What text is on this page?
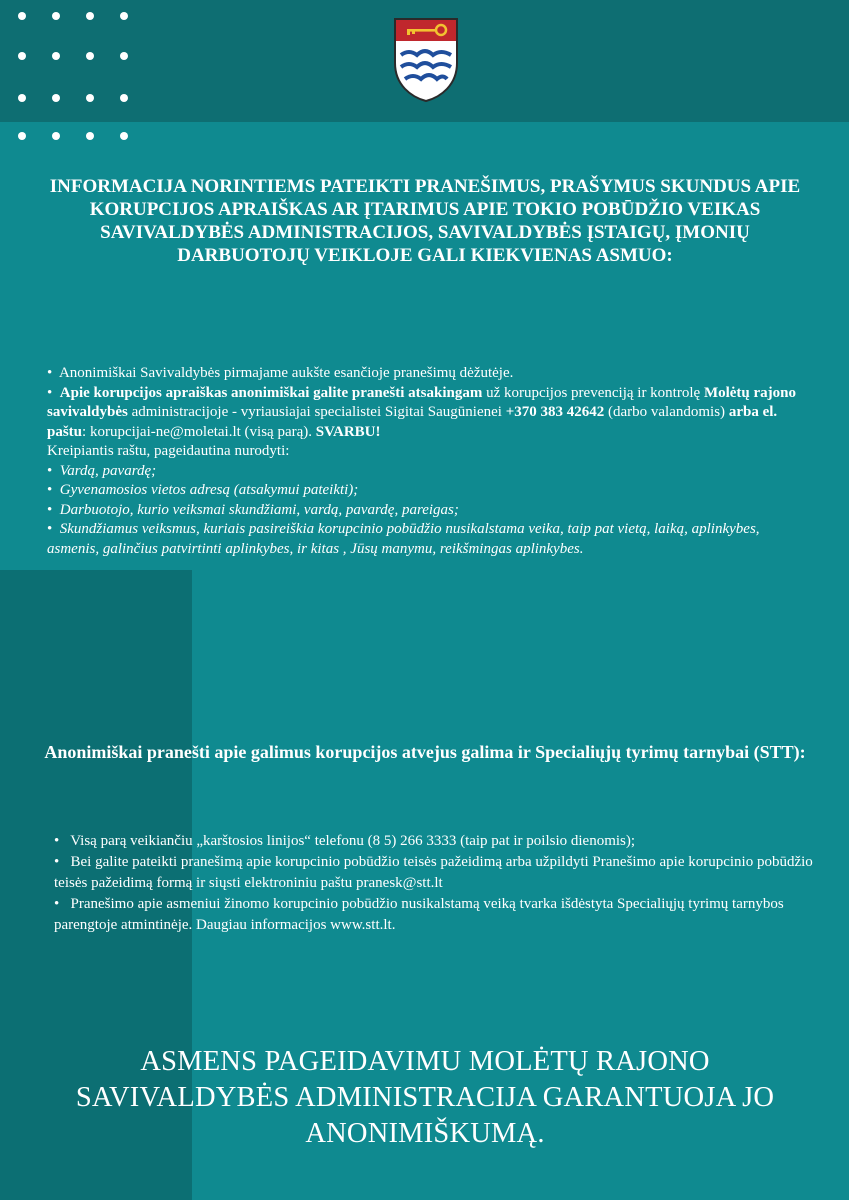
INFORMACIJA NORINTIEMS PATEIKTI PRANEŠIMUS, PRAŠYMUS SKUNDUS APIE KORUPCIJOS APRAIŠKAS AR ĮTARIMUS APIE TOKIO POBŪDŽIO VEIKAS SAVIVALDYBĖS ADMINISTRACIJOS, SAVIVALDYBĖS ĮSTAIGŲ, ĮMONIŲ DARBUOTOJŲ VEIKLOJE GALI KIEKVIENAS ASMUO:

•  Anonimiškai Savivaldybės pirmajame aukšte esančioje pranešimų dėžutėje.

•  Apie korupcijos apraiškas anonimiškai galite pranešti atsakingam už korupcijos prevenciją ir kontrolę Molėtų rajono savivaldybės administracijoje - vyriausiajai specialistei Sigitai Saugūnienei +370 383 42642 (darbo valandomis) arba el. paštu: korupcijai-ne@moletai.lt (visą parą). SVARBU!

Kreipiantis raštu, pageidautina nurodyti:

•  Vardą, pavardę;

•  Gyvenamosios vietos adresą (atsakymui pateikti);

•  Darbuotojo, kurio veiksmai skundžiami, vardą, pavardę, pareigas;

•  Skundžiamus veiksmus, kuriais pasireiškia korupcinio pobūdžio nusikalstama veika, taip pat vietą, laiką, aplinkybes, asmenis, galinčius patvirtinti aplinkybes, ir kitas , Jūsų manymu, reikšmingas aplinkybes.

Anonimiškai pranešti apie galimus korupcijos atvejus galima ir Specialiųjų tyrimų tarnybai (STT):

•   Visą parą veikiančiu „karštosios linijos“ telefonu (8 5) 266 3333 (taip pat ir poilsio dienomis);

•   Bei galite pateikti pranešimą apie korupcinio pobūdžio teisės pažeidimą arba užpildyti Pranešimo apie korupcinio pobūdžio teisės pažeidimą formą ir siųsti elektroniniu paštu pranesk@stt.lt

•   Pranešimo apie asmeniui žinomo korupcinio pobūdžio nusikalstamą veiką tvarka išdėstyta Specialiųjų tyrimų tarnybos parengtoje atmintinėje. Daugiau informacijos www.stt.lt.

ASMENS PAGEIDAVIMU MOLĖTŲ RAJONO SAVIVALDYBĖS ADMINISTRACIJA GARANTUOJA JO ANONIMIŠKUMĄ.
